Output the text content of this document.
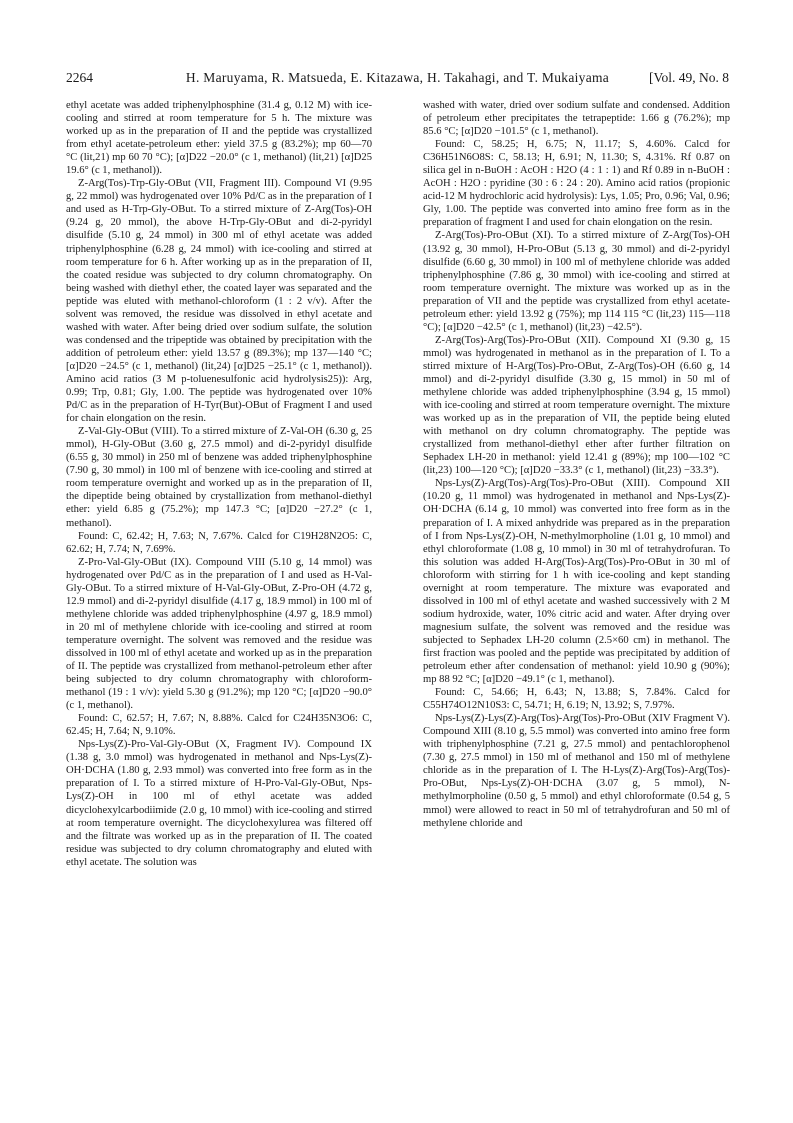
2264	H. Maruyama, R. Matsueda, E. Kitazawa, H. Takahagi, and T. Mukaiyama	[Vol. 49, No. 8

ethyl acetate was added triphenylphosphine (31.4 g, 0.12 M) with ice-cooling and stirred at room temperature for 5 h. The mixture was worked up as in the preparation of II and the peptide was crystallized from ethyl acetate-petroleum ether: yield 37.5 g (83.2%); mp 60—70 °C (lit,21) mp 60 70 °C); [α]D22 −20.0° (c 1, methanol) (lit,21) [α]D25 19.6° (c 1, methanol)).

Z-Arg(Tos)-Trp-Gly-OBut (VII, Fragment III). Compound VI (9.95 g, 22 mmol) was hydrogenated over 10% Pd/C as in the preparation of I and used as H-Trp-Gly-OBut. To a stirred mixture of Z-Arg(Tos)-OH (9.24 g, 20 mmol), the above H-Trp-Gly-OBut and di-2-pyridyl disulfide (5.10 g, 24 mmol) in 300 ml of ethyl acetate was added triphenylphosphine (6.28 g, 24 mmol) with ice-cooling and stirred at room temperature for 6 h. After working up as in the preparation of II, the coated residue was subjected to dry column chromatography. On being washed with diethyl ether, the coated layer was separated and the peptide was eluted with methanol-chloroform (1 : 2 v/v). After the solvent was removed, the residue was dissolved in ethyl acetate and washed with water. After being dried over sodium sulfate, the solution was condensed and the tripeptide was obtained by precipitation with the addition of petroleum ether: yield 13.57 g (89.3%); mp 137—140 °C; [α]D20 −24.5° (c 1, methanol) (lit,24) [α]D25 −25.1° (c 1, methanol)). Amino acid ratios (3 M p-toluenesulfonic acid hydrolysis25)): Arg, 0.99; Trp, 0.81; Gly, 1.00. The peptide was hydrogenated over 10% Pd/C as in the preparation of H-Tyr(But)-OBut of Fragment I and used for chain elongation on the resin.

Z-Val-Gly-OBut (VIII). To a stirred mixture of Z-Val-OH (6.30 g, 25 mmol), H-Gly-OBut (3.60 g, 27.5 mmol) and di-2-pyridyl disulfide (6.55 g, 30 mmol) in 250 ml of benzene was added triphenylphosphine (7.90 g, 30 mmol) in 100 ml of benzene with ice-cooling and stirred at room temperature overnight and worked up as in the preparation of II, the dipeptide being obtained by crystallization from methanol-diethyl ether: yield 6.85 g (75.2%); mp 147.3 °C; [α]D20 −27.2° (c 1, methanol).

Found: C, 62.42; H, 7.63; N, 7.67%. Calcd for C19H28N2O5: C, 62.62; H, 7.74; N, 7.69%.

Z-Pro-Val-Gly-OBut (IX). Compound VIII (5.10 g, 14 mmol) was hydrogenated over Pd/C as in the preparation of I and used as H-Val-Gly-OBut. To a stirred mixture of H-Val-Gly-OBut, Z-Pro-OH (4.72 g, 12.9 mmol) and di-2-pyridyl disulfide (4.17 g, 18.9 mmol) in 100 ml of methylene chloride was added triphenylphosphine (4.97 g, 18.9 mmol) in 20 ml of methylene chloride with ice-cooling and stirred at room temperature overnight. The solvent was removed and the residue was dissolved in 100 ml of ethyl acetate and worked up as in the preparation of II. The peptide was crystallized from methanol-petroleum ether after being subjected to dry column chromatography with chloroform-methanol (19 : 1 v/v): yield 5.30 g (91.2%); mp 120 °C; [α]D20 −90.0° (c 1, methanol).

Found: C, 62.57; H, 7.67; N, 8.88%. Calcd for C24H35N3O6: C, 62.45; H, 7.64; N, 9.10%.

Nps-Lys(Z)-Pro-Val-Gly-OBut (X, Fragment IV). Compound IX (1.38 g, 3.0 mmol) was hydrogenated in methanol and Nps-Lys(Z)-OH·DCHA (1.80 g, 2.93 mmol) was converted into free form as in the preparation of I. To a stirred mixture of H-Pro-Val-Gly-OBut, Nps-Lys(Z)-OH in 100 ml of ethyl acetate was added dicyclohexylcarbodiimide (2.0 g, 10 mmol) with ice-cooling and stirred at room temperature overnight. The dicyclohexylurea was filtered off and the filtrate was worked up as in the preparation of II. The coated residue was subjected to dry column chromatography and eluted with ethyl acetate. The solution was

washed with water, dried over sodium sulfate and condensed. Addition of petroleum ether precipitates the tetrapeptide: 1.66 g (76.2%); mp 85.6 °C; [α]D20 −101.5° (c 1, methanol).

Found: C, 58.25; H, 6.75; N, 11.17; S, 4.60%. Calcd for C36H51N6O8S: C, 58.13; H, 6.91; N, 11.30; S, 4.31%. Rf 0.87 on silica gel in n-BuOH : AcOH : H2O (4 : 1 : 1) and Rf 0.89 in n-BuOH : AcOH : H2O : pyridine (30 : 6 : 24 : 20). Amino acid ratios (propionic acid-12 M hydrochloric acid hydrolysis): Lys, 1.05; Pro, 0.96; Val, 0.96; Gly, 1.00. The peptide was converted into amino free form as in the preparation of fragment I and used for chain elongation on the resin.

Z-Arg(Tos)-Pro-OBut (XI). To a stirred mixture of Z-Arg(Tos)-OH (13.92 g, 30 mmol), H-Pro-OBut (5.13 g, 30 mmol) and di-2-pyridyl disulfide (6.60 g, 30 mmol) in 100 ml of methylene chloride was added triphenylphosphine (7.86 g, 30 mmol) with ice-cooling and stirred at room temperature overnight. The mixture was worked up as in the preparation of VII and the peptide was crystallized from ethyl acetate-petroleum ether: yield 13.92 g (75%); mp 114 115 °C (lit,23) 115—118 °C); [α]D20 −42.5° (c 1, methanol) (lit,23) −42.5°).

Z-Arg(Tos)-Arg(Tos)-Pro-OBut (XII). Compound XI (9.30 g, 15 mmol) was hydrogenated in methanol as in the preparation of I. To a stirred mixture of H-Arg(Tos)-Pro-OBut, Z-Arg(Tos)-OH (6.60 g, 14 mmol) and di-2-pyridyl disulfide (3.30 g, 15 mmol) in 50 ml of methylene chloride was added triphenylphosphine (3.94 g, 15 mmol) with ice-cooling and stirred at room temperature overnight. The mixture was worked up as in the preparation of VII, the peptide being eluted with methanol on dry column chromatography. The peptide was crystallized from methanol-diethyl ether after further filtration on Sephadex LH-20 in methanol: yield 12.41 g (89%); mp 100—102 °C (lit,23) 100—120 °C); [α]D20 −33.3° (c 1, methanol) (lit,23) −33.3°).

Nps-Lys(Z)-Arg(Tos)-Arg(Tos)-Pro-OBut (XIII). Compound XII (10.20 g, 11 mmol) was hydrogenated in methanol and Nps-Lys(Z)-OH·DCHA (6.14 g, 10 mmol) was converted into free form as in the preparation of I. A mixed anhydride was prepared as in the preparation of I from Nps-Lys(Z)-OH, N-methylmorpholine (1.01 g, 10 mmol) and ethyl chloroformate (1.08 g, 10 mmol) in 30 ml of tetrahydrofuran. To this solution was added H-Arg(Tos)-Arg(Tos)-Pro-OBut in 30 ml of chloroform with stirring for 1 h with ice-cooling and kept standing overnight at room temperature. The mixture was evaporated and dissolved in 100 ml of ethyl acetate and washed successively with 2 M sodium hydroxide, water, 10% citric acid and water. After drying over magnesium sulfate, the solvent was removed and the residue was subjected to Sephadex LH-20 column (2.5×60 cm) in methanol. The first fraction was pooled and the peptide was precipitated by addition of petroleum ether after condensation of methanol: yield 10.90 g (90%); mp 88 92 °C; [α]D20 −49.1° (c 1, methanol).

Found: C, 54.66; H, 6.43; N, 13.88; S, 7.84%. Calcd for C55H74O12N10S3: C, 54.71; H, 6.19; N, 13.92; S, 7.97%.

Nps-Lys(Z)-Lys(Z)-Arg(Tos)-Arg(Tos)-Pro-OBut (XIV Fragment V). Compound XIII (8.10 g, 5.5 mmol) was converted into amino free form with triphenylphosphine (7.21 g, 27.5 mmol) and pentachlorophenol (7.30 g, 27.5 mmol) in 150 ml of methanol and 150 ml of methylene chloride as in the preparation of I. The H-Lys(Z)-Arg(Tos)-Arg(Tos)-Pro-OBut, Nps-Lys(Z)-OH·DCHA (3.07 g, 5 mmol), N-methylmorpholine (0.50 g, 5 mmol) and ethyl chloroformate (0.54 g, 5 mmol) were allowed to react in 50 ml of tetrahydrofuran and 50 ml of methylene chloride and
